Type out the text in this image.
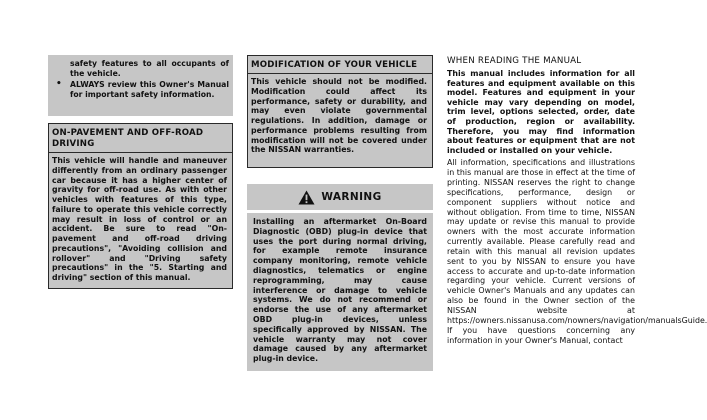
safety features to all occupants of the vehicle.

•	ALWAYS review this Owner's Manual for important safety information.
ON-PAVEMENT AND OFF-ROAD DRIVING

This vehicle will handle and maneuver differently from an ordinary passenger car because it has a higher center of gravity for off-road use. As with other vehicles with features of this type, failure to operate this vehicle correctly may result in loss of control or an accident. Be sure to read "On-pavement and off-road driving precautions", "Avoiding collision and rollover" and "Driving safety precautions" in the "5. Starting and driving" section of this manual.

MODIFICATION OF YOUR VEHICLE

This vehicle should not be modified. Modification could affect its performance, safety or durability, and may even violate governmental regulations. In addition, damage or performance problems resulting from modification will not be covered under the NISSAN warranties.

WARNING
Installing an aftermarket On-Board Diagnostic (OBD) plug-in device that uses the port during normal driving, for example remote insurance company monitoring, remote vehicle diagnostics, telematics or engine reprogramming, may cause interference or damage to vehicle systems. We do not recommend or endorse the use of any aftermarket OBD plug-in devices, unless specifically approved by NISSAN. The vehicle warranty may not cover damage caused by any aftermarket plug-in device.
WHEN READING THE MANUAL

This manual includes information for all features and equipment available on this model. Features and equipment in your vehicle may vary depending on model, trim level, options selected, order, date of production, region or availability. Therefore, you may find information about features or equipment that are not included or installed on your vehicle.

All information, specifications and illustrations in this manual are those in effect at the time of printing. NISSAN reserves the right to change specifications, performance, design or component suppliers without notice and without obligation. From time to time, NISSAN may update or revise this manual to provide owners with the most accurate information currently available. Please carefully read and retain with this manual all revision updates sent to you by NISSAN to ensure you have access to accurate and up-to-date information regarding your vehicle. Current versions of vehicle Owner's Manuals and any updates can also be found in the Owner section of the NISSAN website at https://owners.nissanusa.com/nowners/navigation/manualsGuide. If you have questions concerning any information in your Owner's Manual, contact
